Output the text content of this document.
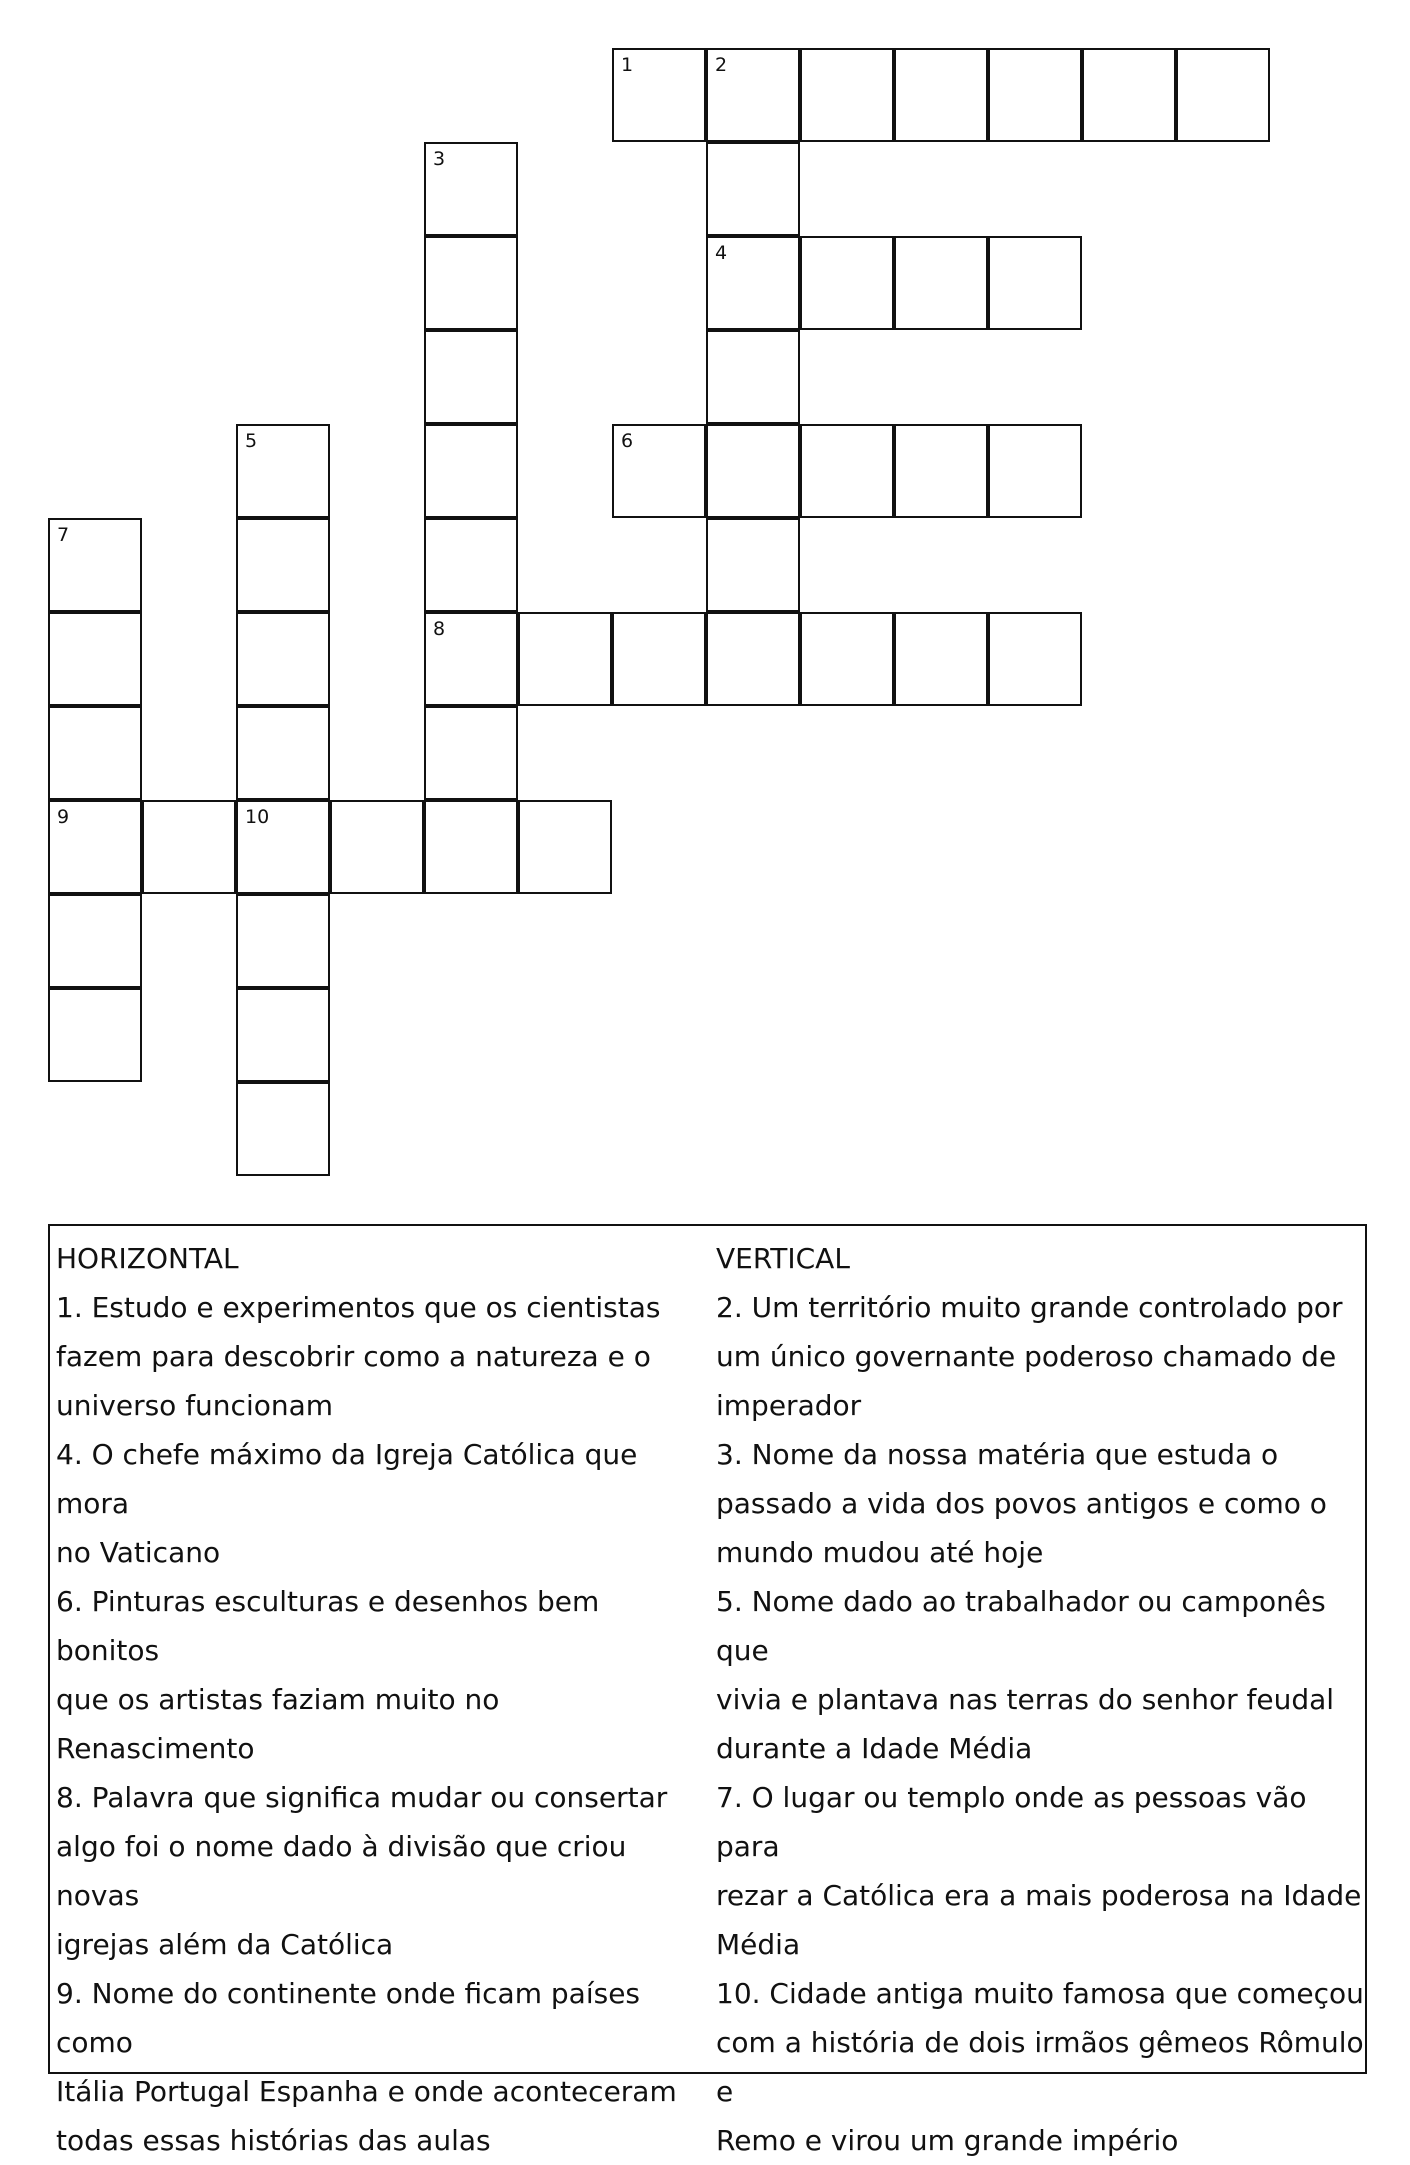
1	2
3
4
5	6
7
8
9	10
HORIZONTAL
1. Estudo e experimentos que os cientistas
fazem para descobrir como a natureza e o
universo funcionam
4. O chefe máximo da Igreja Católica que mora
no Vaticano
6. Pinturas esculturas e desenhos bem bonitos
que os artistas faziam muito no Renascimento
8. Palavra que significa mudar ou consertar
algo foi o nome dado à divisão que criou novas
igrejas além da Católica
9. Nome do continente onde ficam países como
Itália Portugal Espanha e onde aconteceram
todas essas histórias das aulas
VERTICAL
2. Um território muito grande controlado por
um único governante poderoso chamado de
imperador
3. Nome da nossa matéria que estuda o
passado a vida dos povos antigos e como o
mundo mudou até hoje
5. Nome dado ao trabalhador ou camponês que
vivia e plantava nas terras do senhor feudal
durante a Idade Média
7. O lugar ou templo onde as pessoas vão para
rezar a Católica era a mais poderosa na Idade
Média
10. Cidade antiga muito famosa que começou
com a história de dois irmãos gêmeos Rômulo e
Remo e virou um grande império
